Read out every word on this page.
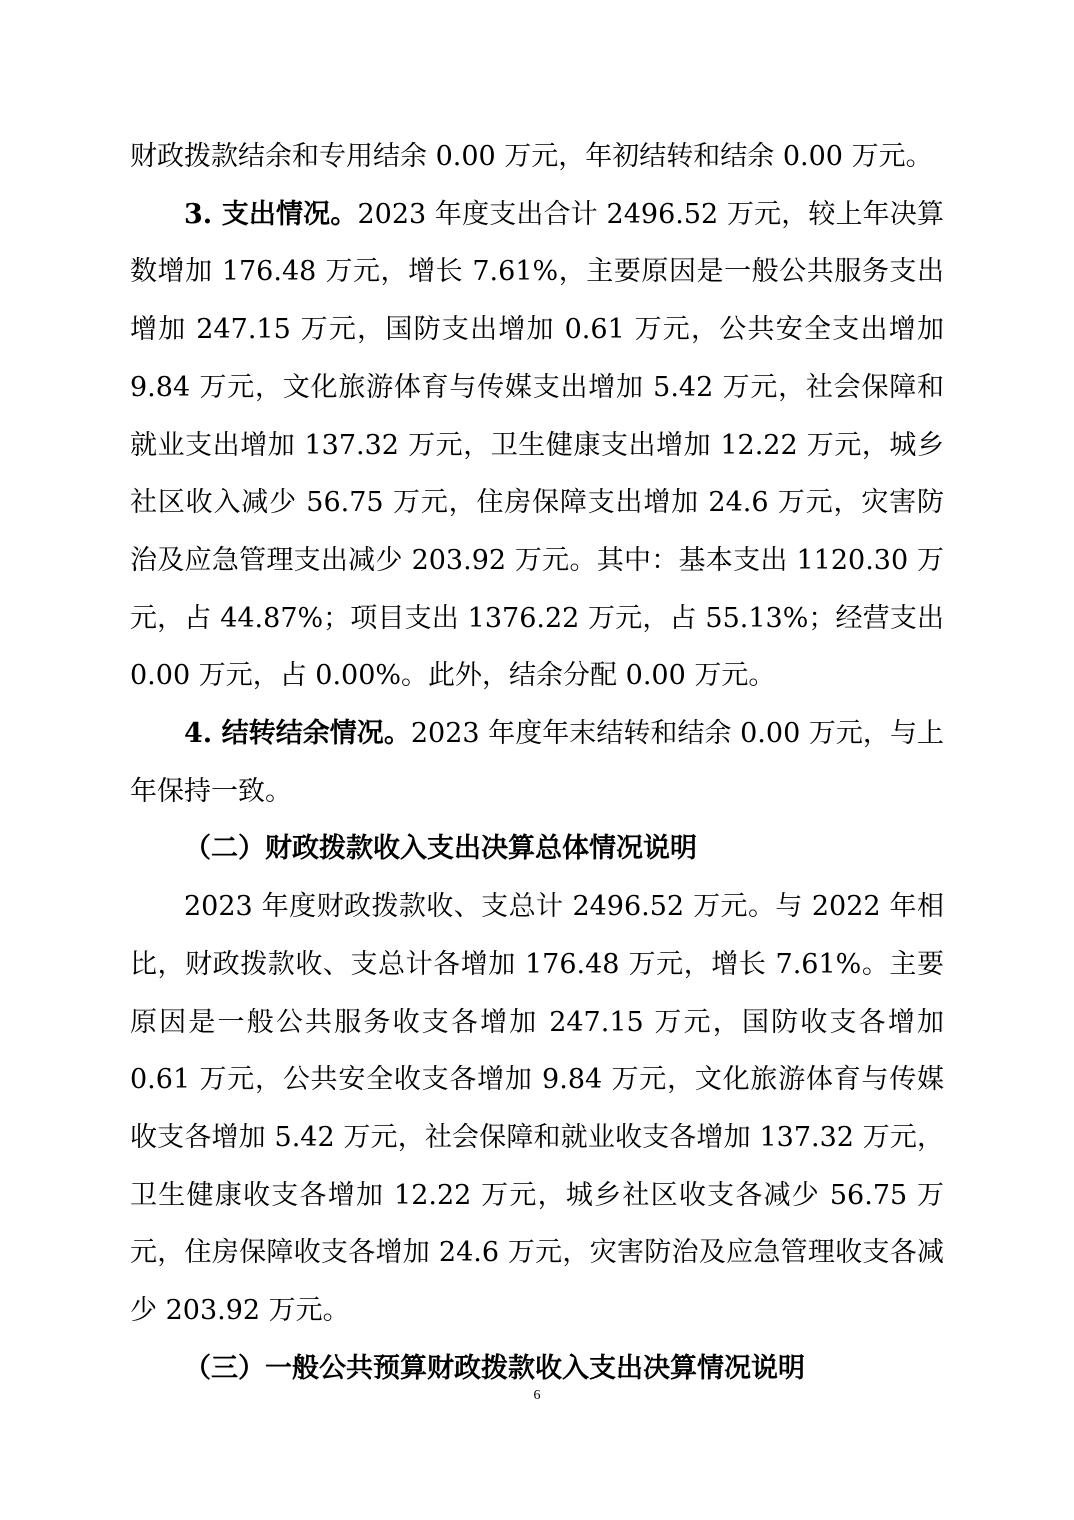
财政拨款结余和专用结余 0.00 万元，年初结转和结余 0.00 万元。

3. 支出情况。2023 年度支出合计 2496.52 万元，较上年决算数增加 176.48 万元，增长 7.61%，主要原因是一般公共服务支出增加 247.15 万元，国防支出增加 0.61 万元，公共安全支出增加 9.84 万元，文化旅游体育与传媒支出增加 5.42 万元，社会保障和就业支出增加 137.32 万元，卫生健康支出增加 12.22 万元，城乡社区收入减少 56.75 万元，住房保障支出增加 24.6 万元，灾害防治及应急管理支出减少 203.92 万元。其中：基本支出 1120.30 万元，占 44.87%；项目支出 1376.22 万元，占 55.13%；经营支出 0.00 万元，占 0.00%。此外，结余分配 0.00 万元。

4. 结转结余情况。2023 年度年末结转和结余 0.00 万元，与上年保持一致。

（二）财政拨款收入支出决算总体情况说明

2023 年度财政拨款收、支总计 2496.52 万元。与 2022 年相比，财政拨款收、支总计各增加 176.48 万元，增长 7.61%。主要原因是一般公共服务收支各增加 247.15 万元，国防收支各增加 0.61 万元，公共安全收支各增加 9.84 万元，文化旅游体育与传媒收支各增加 5.42 万元，社会保障和就业收支各增加 137.32 万元，卫生健康收支各增加 12.22 万元，城乡社区收支各减少 56.75 万元，住房保障收支各增加 24.6 万元，灾害防治及应急管理收支各减少 203.92 万元。

（三）一般公共预算财政拨款收入支出决算情况说明
6
